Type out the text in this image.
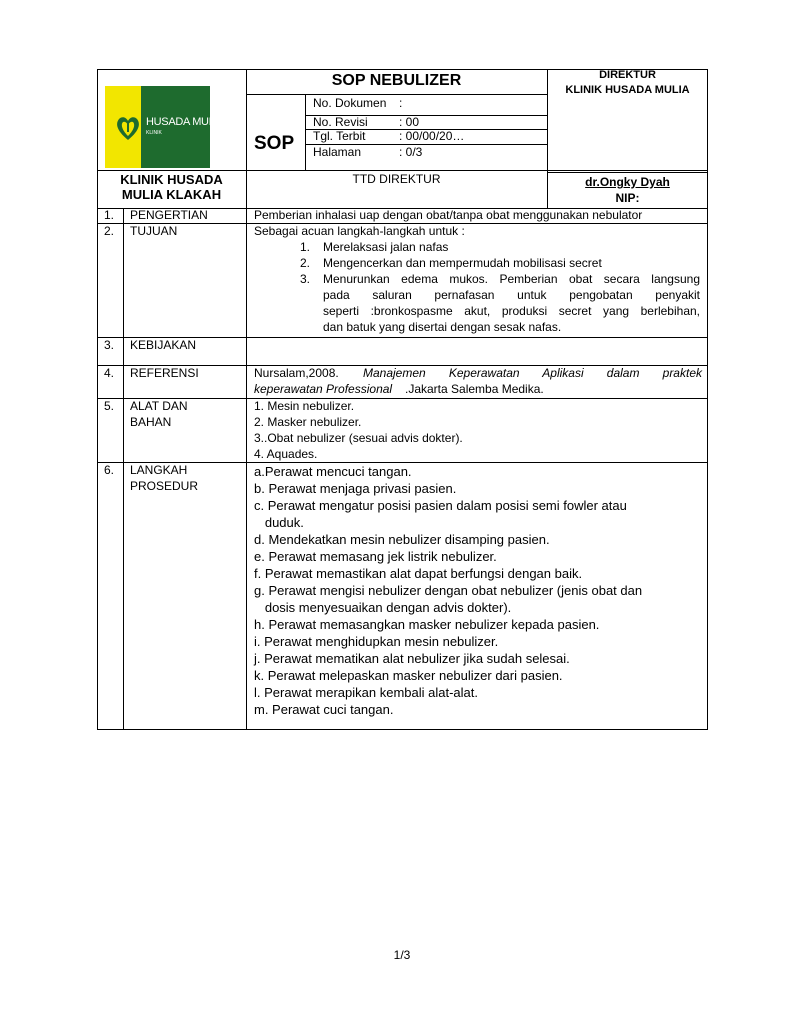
HUSADA MULIA
KLINIK
SOP NEBULIZER
SOP
No. Dokumen :
No. Revisi	: 00
Tgl. Terbit	: 00/00/20…
Halaman	: 0/3
DIREKTUR
KLINIK HUSADA MULIA
KLINIK HUSADA
MULIA KLAKAH
TTD DIREKTUR	dr.Ongky Dyah
NIP:
1. PENGERTIAN	Pemberian inhalasi uap dengan obat/tanpa obat menggunakan nebulator
2. TUJUAN	Sebagai acuan langkah-langkah untuk :
1. Merelaksasi jalan nafas
2. Mengencerkan dan mempermudah mobilisasi secret
3. Menurunkan edema mukos. Pemberian obat secara langsung
pada saluran pernafasan untuk pengobatan penyakit
seperti :bronkospasme akut, produksi secret yang berlebihan,
dan batuk yang disertai dengan sesak nafas.
3. KEBIJAKAN
4. REFERENSI	Nursalam,2008. Manajemen Keperawatan Aplikasi dalam praktek
keperawatan Professional .Jakarta Salemba Medika.
5. ALAT DAN
BAHAN
1. Mesin nebulizer.
2. Masker nebulizer.
3..Obat nebulizer (sesuai advis dokter).
4. Aquades.
6. LANGKAH
PROSEDUR
a.Perawat mencuci tangan.
b. Perawat menjaga privasi pasien.
c. Perawat mengatur posisi pasien dalam posisi semi fowler atau
duduk.
d. Mendekatkan mesin nebulizer disamping pasien.
e. Perawat memasang jek listrik nebulizer.
f. Perawat memastikan alat dapat berfungsi dengan baik.
g. Perawat mengisi nebulizer dengan obat nebulizer (jenis obat dan
dosis menyesuaikan dengan advis dokter).
h. Perawat memasangkan masker nebulizer kepada pasien.
i. Perawat menghidupkan mesin nebulizer.
j. Perawat mematikan alat nebulizer jika sudah selesai.
k. Perawat melepaskan masker nebulizer dari pasien.
l. Perawat merapikan kembali alat-alat.
m. Perawat cuci tangan.
1/3
